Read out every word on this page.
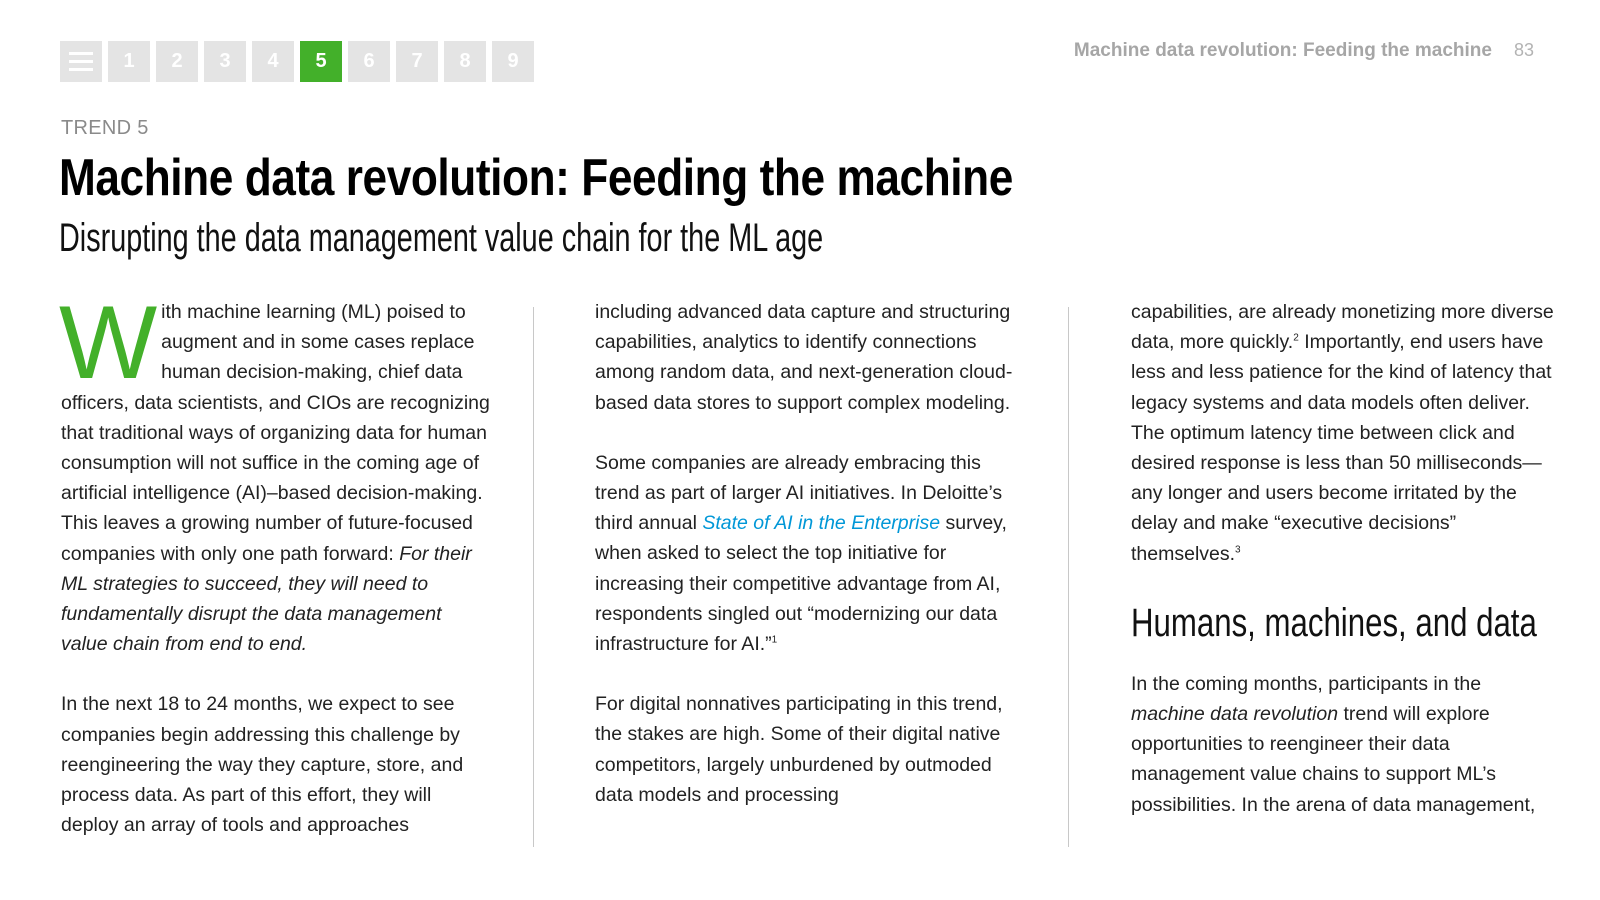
1	2	3	4	5	6	7	8	9	Machine data revolution: Feeding the machine 83
TREND 5
Machine data revolution: Feeding the machine
Disrupting the data management value chain for the ML age

With machine learning (ML) poised to augment and in some cases replace human decision-making, chief data officers, data scientists, and CIOs are recognizing that traditional ways of organizing data for human consumption will not suffice in the coming age of artificial intelligence (AI)–based decision-making. This leaves a growing number of future-focused companies with only one path forward: For their ML strategies to succeed, they will need to fundamentally disrupt the data management value chain from end to end.

In the next 18 to 24 months, we expect to see companies begin addressing this challenge by reengineering the way they capture, store, and process data. As part of this effort, they will deploy an array of tools and approaches

including advanced data capture and structuring capabilities, analytics to identify connections among random data, and next-generation cloud-based data stores to support complex modeling.

Some companies are already embracing this trend as part of larger AI initiatives. In Deloitte’s third annual State of AI in the Enterprise survey, when asked to select the top initiative for increasing their competitive advantage from AI, respondents singled out “modernizing our data infrastructure for AI.”$^1$

For digital nonnatives participating in this trend, the stakes are high. Some of their digital native competitors, largely unburdened by outmoded data models and processing

capabilities, are already monetizing more diverse data, more quickly.$^2$ Importantly, end users have less and less patience for the kind of latency that legacy systems and data models often deliver. The optimum latency time between click and desired response is less than 50 milliseconds—any longer and users become irritated by the delay and make “executive decisions” themselves.$^3$

Humans, machines, and data

In the coming months, participants in the machine data revolution trend will explore opportunities to reengineer their data management value chains to support ML’s possibilities. In the arena of data management,
